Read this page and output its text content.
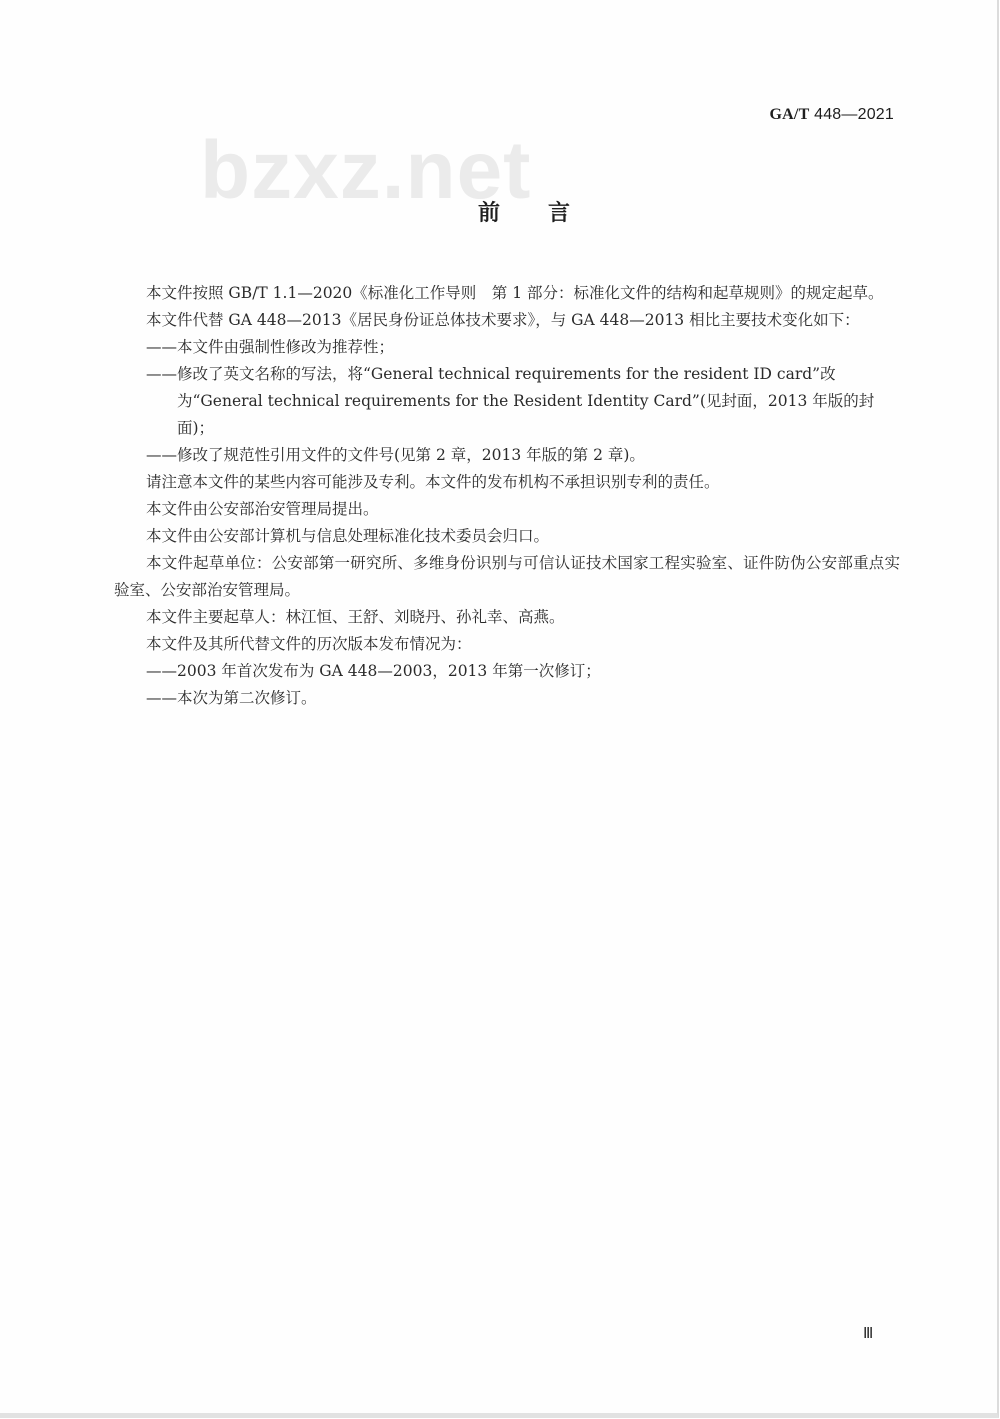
GA/T 448—2021
bzxz.net
前言

本文件按照 GB/T 1.1—2020《标准化工作导则　第 1 部分：标准化文件的结构和起草规则》的规定起草。

本文件代替 GA 448—2013《居民身份证总体技术要求》，与 GA 448—2013 相比主要技术变化如下：

——本文件由强制性修改为推荐性；

——修改了英文名称的写法，将“General technical requirements for the resident ID card”改为“General technical requirements for the Resident Identity Card”(见封面，2013 年版的封面)；

——修改了规范性引用文件的文件号(见第 2 章，2013 年版的第 2 章)。

请注意本文件的某些内容可能涉及专利。本文件的发布机构不承担识别专利的责任。

本文件由公安部治安管理局提出。

本文件由公安部计算机与信息处理标准化技术委员会归口。

本文件起草单位：公安部第一研究所、多维身份识别与可信认证技术国家工程实验室、证件防伪公安部重点实验室、公安部治安管理局。

本文件主要起草人：林江恒、王舒、刘晓丹、孙礼幸、高燕。

本文件及其所代替文件的历次版本发布情况为：

——2003 年首次发布为 GA 448—2003，2013 年第一次修订；

——本次为第二次修订。

Ⅲ
